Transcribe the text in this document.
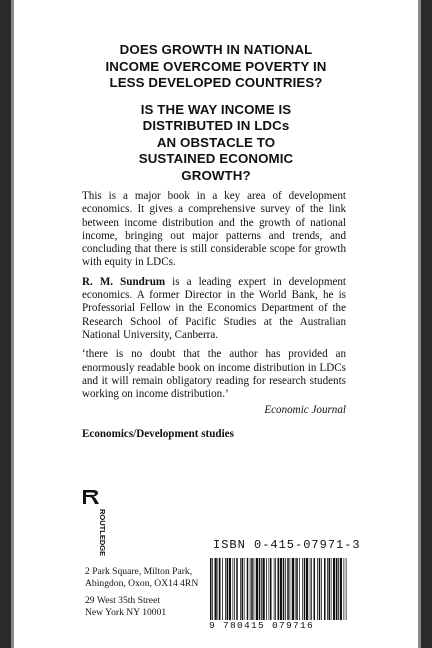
DOES GROWTH IN NATIONAL
INCOME OVERCOME POVERTY IN
LESS DEVELOPED COUNTRIES?
IS THE WAY INCOME IS
DISTRIBUTED IN LDCs
AN OBSTACLE TO
SUSTAINED ECONOMIC
GROWTH?

This is a major book in a key area of development economics. It gives a comprehensive survey of the link between income distribution and the growth of national income, bringing out major patterns and trends, and concluding that there is still considerable scope for growth with equity in LDCs.

R. M. Sundrum is a leading expert in development economics. A former Director in the World Bank, he is Professorial Fellow in the Economics Department of the Research School of Pacific Studies at the Australian National University, Canberra.

‘there is no doubt that the author has provided an enormously readable book on income distribution in LDCs and it will remain obligatory reading for research students working on income distribution.’

Economic Journal
Economics/Development studies
ROUTLEDGE
2 Park Square, Milton Park,
Abingdon, Oxon, OX14 4RN
29 West 35th Street
New York NY 10001
ISBN 0-415-07971-3
9 780415 079716
